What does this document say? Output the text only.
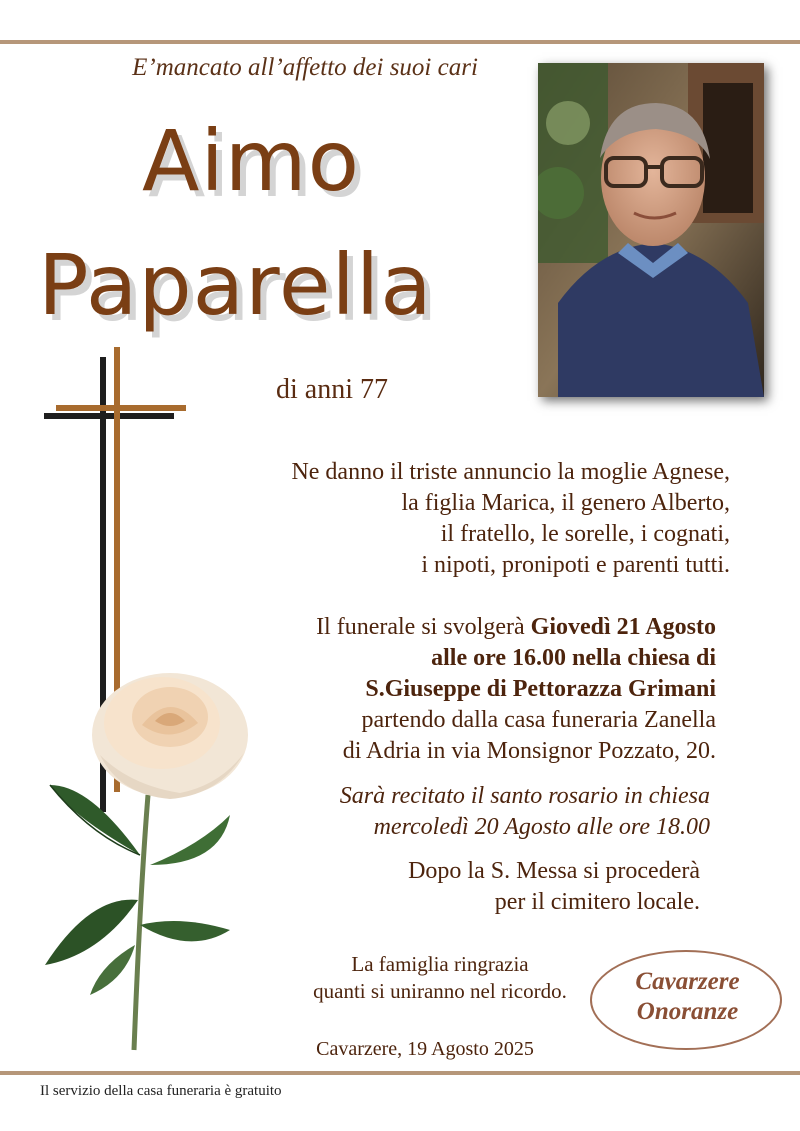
E’mancato all’affetto dei suoi cari
Aimo
Paparella
di anni 77
Ne danno il triste annuncio la moglie Agnese,
la figlia Marica, il genero Alberto,
il fratello, le sorelle, i cognati,
i nipoti, pronipoti e parenti tutti.
Il funerale si svolgerà Giovedì 21 Agosto
alle ore 16.00 nella chiesa di
S.Giuseppe di Pettorazza Grimani
partendo dalla casa funeraria Zanella
di Adria in via Monsignor Pozzato, 20.
Sarà recitato il santo rosario in chiesa
mercoledì 20 Agosto alle ore 18.00
Dopo la S. Messa si procederà
per il cimitero locale.
La famiglia ringrazia
quanti si uniranno nel ricordo.	Cavarzere
Onoranze
Cavarzere, 19 Agosto 2025
Il servizio della casa funeraria è gratuito
